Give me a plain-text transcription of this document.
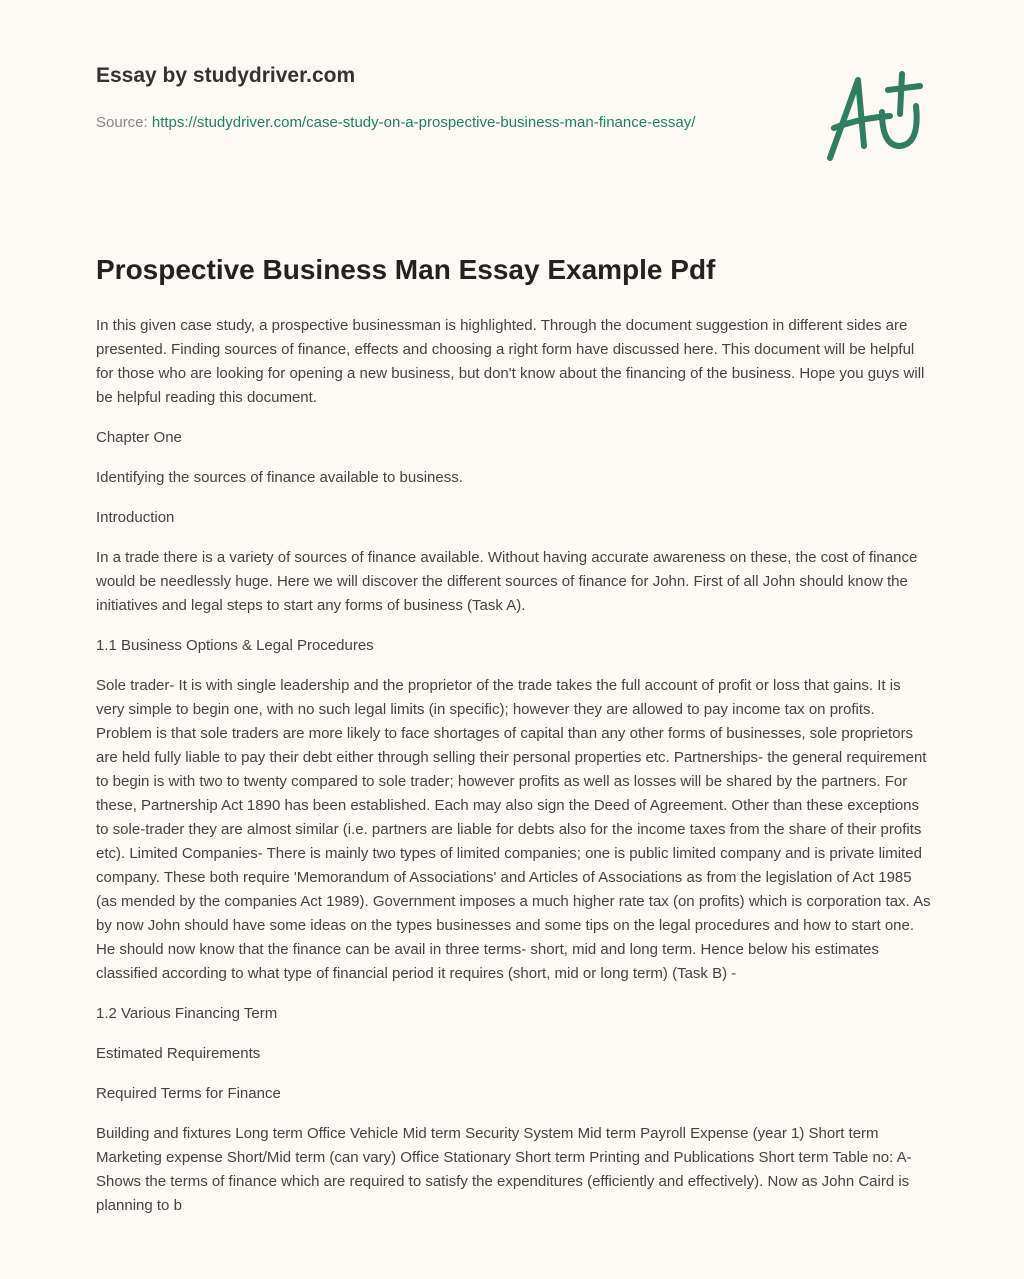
Essay by studydriver.com
Source: https://studydriver.com/case-study-on-a-prospective-business-man-finance-essay/
Prospective Business Man Essay Example Pdf

In this given case study, a prospective businessman is highlighted. Through the document suggestion in different sides are presented. Finding sources of finance, effects and choosing a right form have discussed here. This document will be helpful for those who are looking for opening a new business, but don't know about the financing of the business. Hope you guys will be helpful reading this document.

Chapter One

Identifying the sources of finance available to business.

Introduction

In a trade there is a variety of sources of finance available. Without having accurate awareness on these, the cost of finance would be needlessly huge. Here we will discover the different sources of finance for John. First of all John should know the initiatives and legal steps to start any forms of business (Task A).

1.1 Business Options & Legal Procedures

Sole trader- It is with single leadership and the proprietor of the trade takes the full account of profit or loss that gains. It is very simple to begin one, with no such legal limits (in specific); however they are allowed to pay income tax on profits. Problem is that sole traders are more likely to face shortages of capital than any other forms of businesses, sole proprietors are held fully liable to pay their debt either through selling their personal properties etc. Partnerships- the general requirement to begin is with two to twenty compared to sole trader; however profits as well as losses will be shared by the partners. For these, Partnership Act 1890 has been established. Each may also sign the Deed of Agreement. Other than these exceptions to sole-trader they are almost similar (i.e. partners are liable for debts also for the income taxes from the share of their profits etc). Limited Companies- There is mainly two types of limited companies; one is public limited company and is private limited company. These both require 'Memorandum of Associations' and Articles of Associations as from the legislation of Act 1985 (as mended by the companies Act 1989). Government imposes a much higher rate tax (on profits) which is corporation tax. As by now John should have some ideas on the types businesses and some tips on the legal procedures and how to start one. He should now know that the finance can be avail in three terms- short, mid and long term. Hence below his estimates classified according to what type of financial period it requires (short, mid or long term) (Task B) -

1.2 Various Financing Term

Estimated Requirements

Required Terms for Finance

Building and fixtures Long term Office Vehicle Mid term Security System Mid term Payroll Expense (year 1) Short term Marketing expense Short/Mid term (can vary) Office Stationary Short term Printing and Publications Short term Table no: A- Shows the terms of finance which are required to satisfy the expenditures (efficiently and effectively). Now as John Caird is planning to b
